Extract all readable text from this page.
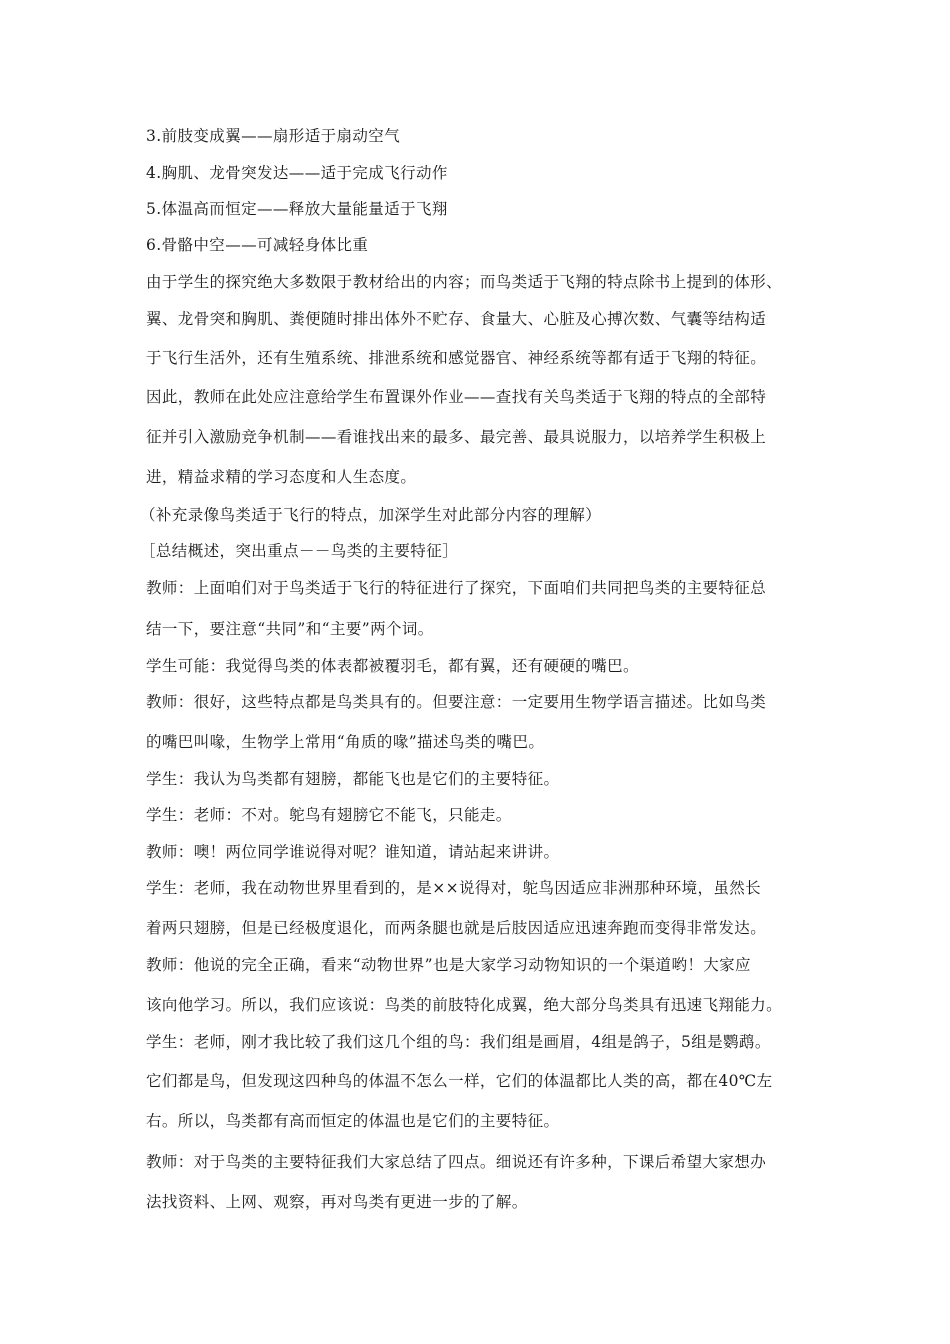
3.前肢变成翼——扇形适于扇动空气
4.胸肌、龙骨突发达——适于完成飞行动作
5.体温高而恒定——释放大量能量适于飞翔
6.骨骼中空——可减轻身体比重
由于学生的探究绝大多数限于教材给出的内容；而鸟类适于飞翔的特点除书上提到的体形、
翼、龙骨突和胸肌、粪便随时排出体外不贮存、食量大、心脏及心搏次数、气囊等结构适
于飞行生活外，还有生殖系统、排泄系统和感觉器官、神经系统等都有适于飞翔的特征。
因此，教师在此处应注意给学生布置课外作业——查找有关鸟类适于飞翔的特点的全部特
征并引入激励竞争机制——看谁找出来的最多、最完善、最具说服力，以培养学生积极上
进，精益求精的学习态度和人生态度。
（补充录像鸟类适于飞行的特点，加深学生对此部分内容的理解）
［总结概述，突出重点－－鸟类的主要特征］
教师：上面咱们对于鸟类适于飞行的特征进行了探究，下面咱们共同把鸟类的主要特征总
结一下，要注意“共同”和“主要”两个词。
学生可能：我觉得鸟类的体表都被覆羽毛，都有翼，还有硬硬的嘴巴。
教师：很好，这些特点都是鸟类具有的。但要注意：一定要用生物学语言描述。比如鸟类
的嘴巴叫喙，生物学上常用“角质的喙”描述鸟类的嘴巴。
学生：我认为鸟类都有翅膀，都能飞也是它们的主要特征。
学生：老师：不对。鸵鸟有翅膀它不能飞，只能走。
教师：噢！两位同学谁说得对呢？谁知道，请站起来讲讲。
学生：老师，我在动物世界里看到的，是××说得对，鸵鸟因适应非洲那种环境，虽然长
着两只翅膀，但是已经极度退化，而两条腿也就是后肢因适应迅速奔跑而变得非常发达。
教师：他说的完全正确，看来“动物世界”也是大家学习动物知识的一个渠道哟！大家应
该向他学习。所以，我们应该说：鸟类的前肢特化成翼，绝大部分鸟类具有迅速飞翔能力。
学生：老师，刚才我比较了我们这几个组的鸟：我们组是画眉，4组是鸽子，5组是鹦鹉。
它们都是鸟，但发现这四种鸟的体温不怎么一样，它们的体温都比人类的高，都在40℃左
右。所以，鸟类都有高而恒定的体温也是它们的主要特征。
教师：对于鸟类的主要特征我们大家总结了四点。细说还有许多种，下课后希望大家想办
法找资料、上网、观察，再对鸟类有更进一步的了解。
